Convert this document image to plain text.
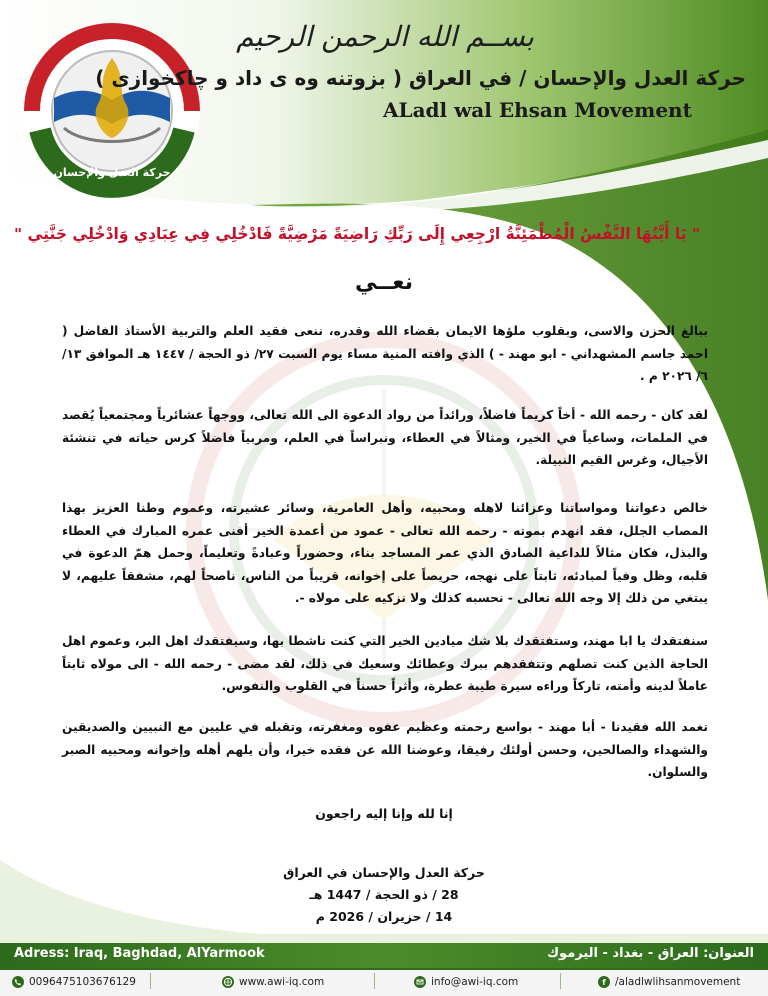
حركة العدل والإحسان
بســم الله الرحمن الرحيم
حركة العدل والإحسان / في العراق ( بزوتنه وه ى داد و چاكخوازى )
ALadl wal Ehsan Movement
" يَا أَيَّتُهَا النَّفْسُ الْمُطْمَئِنَّةُ ارْجِعِي إِلَى رَبِّكِ رَاضِيَةً مَرْضِيَّةً فَادْخُلِي فِي عِبَادِي وَادْخُلِي جَنَّتِي "
نعــي
ببالغ الحزن والاسى، وبقلوب ملؤها الايمان بقضاء الله وقدره، ننعى فقيد العلم والتربية الأستاذ الفاضل ( احمد جاسم المشهداني - ابو مهند - ) الذي وافته المنية مساء يوم السبت ٢٧/ ذو الحجة / ١٤٤٧ هـ الموافق ١٣/ ٦/ ٢٠٢٦ م .
لقد كان - رحمه الله - أخاً كريماً فاضلاً، ورائداً من رواد الدعوة الى الله تعالى، ووجهاً عشائرياً ومجتمعياً يُقصد في الملمات، وساعياً في الخير، ومثالاً في العطاء، ونبراساً في العلم، ومربياً فاضلاً كرس حياته في تنشئة الأجيال، وغرس القيم النبيلة.
خالص دعواتنا ومواساتنا وعزائنا لاهله ومحبيه، وأهل العامرية، وسائر عشيرته، وعموم وطنا العزيز بهذا المصاب الجلل، فقد انهدم بموته - رحمه الله تعالى - عمود من أعمدة الخير أفنى عمره المبارك في العطاء والبذل، فكان مثالاً للداعية الصادق الذي عمر المساجد بناء، وحضوراً وعبادةً وتعليماً، وحمل همّ الدعوة في قلبه، وظل وفياً لمبادئه، ثابتاً على نهجه، حريصاً على إخوانه، قريباً من الناس، ناصحاً لهم، مشفقاً عليهم، لا يبتغي من ذلك إلا وجه الله تعالى - نحسبه كذلك ولا نزكيه على مولاه -.
سنفتقدك يا ابا مهند، وستفتقدك بلا شك ميادين الخير التي كنت ناشطا بها، وسيفتقدك اهل البر، وعموم اهل الحاجة الذين كنت تصلهم وتتفقدهم ببرك وعطائك وسعيك في ذلك، لقد مضى - رحمه الله - الى مولاه ثابتاً عاملاً لدينه وأمته، تاركاً وراءه سيرة طيبة عطرة، وأثراً حسناً في القلوب والنفوس.
تغمد الله فقيدنا - أبا مهند - بواسع رحمته وعظيم عفوه ومغفرته، وتقبله في عليين مع النبيين والصديقين والشهداء والصالحين، وحسن أولئك رفيقا، وعوضنا الله عن فقده خيرا، وأن يلهم أهله وإخوانه ومحبيه الصبر والسلوان.
إنا لله وإنا إليه راجعون
حركة العدل والإحسان في العراق
28 / ذو الحجة / 1447 هـ
14 / حزيران / 2026 م
Adress: Iraq, Baghdad, AlYarmook	العنوان: العراق - بغداد - اليرموك
00964751036761​29	www.awi-iq.com	info@awi-iq.com	f /aladlwlihsanmovement
